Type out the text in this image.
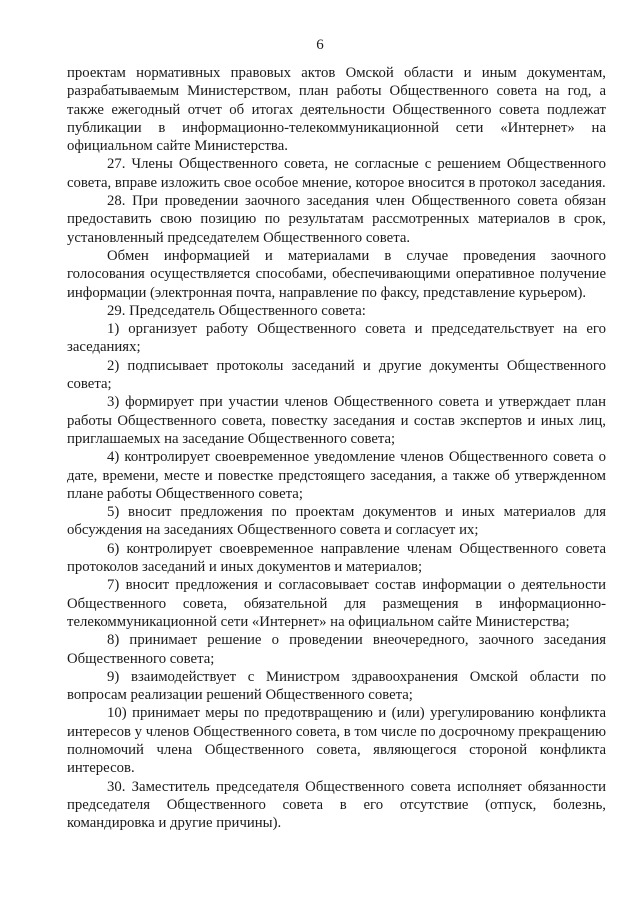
6

проектам нормативных правовых актов Омской области и иным документам, разрабатываемым Министерством, план работы Общественного совета на год, а также ежегодный отчет об итогах деятельности Общественного совета подлежат публикации в информационно-телекоммуникационной сети «Интернет» на официальном сайте Министерства.

27. Члены Общественного совета, не согласные с решением Общественного совета, вправе изложить свое особое мнение, которое вносится в протокол заседания.

28. При проведении заочного заседания член Общественного совета обязан предоставить свою позицию по результатам рассмотренных материалов в срок, установленный председателем Общественного совета.

Обмен информацией и материалами в случае проведения заочного голосования осуществляется способами, обеспечивающими оперативное получение информации (электронная почта, направление по факсу, представление курьером).

29. Председатель Общественного совета:

1) организует работу Общественного совета и председательствует на его заседаниях;

2) подписывает протоколы заседаний и другие документы Общественного совета;

3) формирует при участии членов Общественного совета и утверждает план работы Общественного совета, повестку заседания и состав экспертов и иных лиц, приглашаемых на заседание Общественного совета;

4) контролирует своевременное уведомление членов Общественного совета о дате, времени, месте и повестке предстоящего заседания, а также об утвержденном плане работы Общественного совета;

5) вносит предложения по проектам документов и иных материалов для обсуждения на заседаниях Общественного совета и согласует их;

6) контролирует своевременное направление членам Общественного совета протоколов заседаний и иных документов и материалов;

7) вносит предложения и согласовывает состав информации о деятельности Общественного совета, обязательной для размещения в информационно-телекоммуникационной сети «Интернет» на официальном сайте Министерства;

8) принимает решение о проведении внеочередного, заочного заседания Общественного совета;

9) взаимодействует с Министром здравоохранения Омской области по вопросам реализации решений Общественного совета;

10) принимает меры по предотвращению и (или) урегулированию конфликта интересов у членов Общественного совета, в том числе по досрочному прекращению полномочий члена Общественного совета, являющегося стороной конфликта интересов.

30. Заместитель председателя Общественного совета исполняет обязанности председателя Общественного совета в его отсутствие (отпуск, болезнь, командировка и другие причины).
